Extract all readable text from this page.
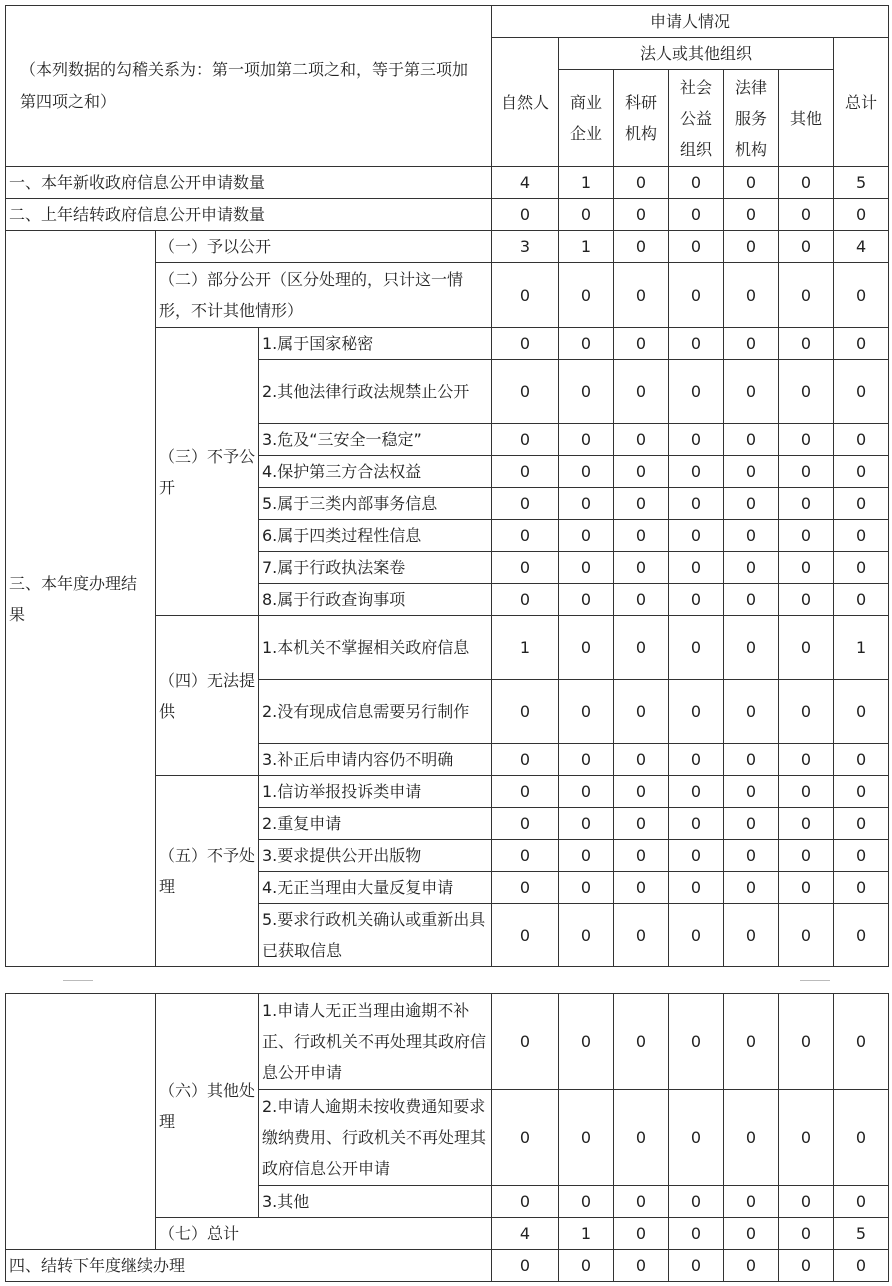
（本列数据的勾稽关系为：第一项加第二项之和，等于第三项加第四项之和）			申请人情况						
			自然人	法人或其他组织					总计
				商业企业	科研机构	社会公益组织	法律服务机构	其他	
一、本年新收政府信息公开申请数量			4	1	0	0	0	0	5
二、上年结转政府信息公开申请数量			0	0	0	0	0	0	0
三、本年度办理结果	（一）予以公开		3	1	0	0	0	0	4
	（二）部分公开（区分处理的，只计这一情形，不计其他情形）		0	0	0	0	0	0	0
	（三）不予公开	1.属于国家秘密	0	0	0	0	0	0	0
		2.其他法律行政法规禁止公开	0	0	0	0	0	0	0
		3.危及“三安全一稳定”	0	0	0	0	0	0	0
		4.保护第三方合法权益	0	0	0	0	0	0	0
		5.属于三类内部事务信息	0	0	0	0	0	0	0
		6.属于四类过程性信息	0	0	0	0	0	0	0
		7.属于行政执法案卷	0	0	0	0	0	0	0
		8.属于行政查询事项	0	0	0	0	0	0	0
	（四）无法提供	1.本机关不掌握相关政府信息	1	0	0	0	0	0	1
		2.没有现成信息需要另行制作	0	0	0	0	0	0	0
		3.补正后申请内容仍不明确	0	0	0	0	0	0	0
	（五）不予处理	1.信访举报投诉类申请	0	0	0	0	0	0	0
		2.重复申请	0	0	0	0	0	0	0
		3.要求提供公开出版物	0	0	0	0	0	0	0
		4.无正当理由大量反复申请	0	0	0	0	0	0	0
		5.要求行政机关确认或重新出具已获取信息	0	0	0	0	0	0	0
	（六）其他处理	1.申请人无正当理由逾期不补正、行政机关不再处理其政府信息公开申请	0	0	0	0	0	0	0
		2.申请人逾期未按收费通知要求缴纳费用、行政机关不再处理其政府信息公开申请	0	0	0	0	0	0	0
		3.其他	0	0	0	0	0	0	0
	（七）总计		4	1	0	0	0	0	5
四、结转下年度继续办理			0	0	0	0	0	0	0
